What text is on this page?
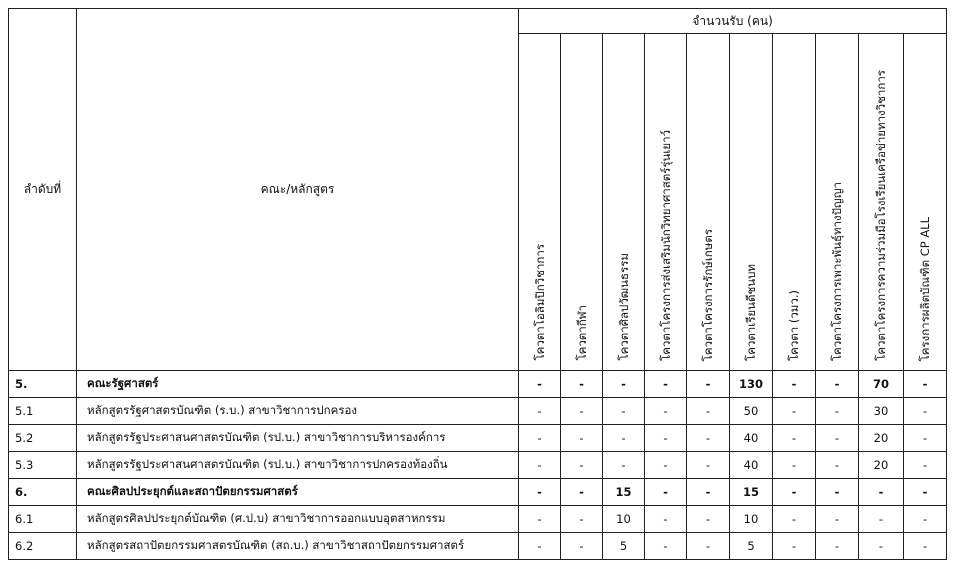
ลำดับที่	คณะ/หลักสูตร	จำนวนรับ (คน)									
		โควตาโอลิมปิกวิชาการ	โควตากีฬา	โควตาศิลปวัฒนธรรม	โควตาโครงการส่งเสริมนักวิทยาศาสตร์รุ่นเยาว์	โควตาโครงการรักษ์เกษตร	โควตาเรียนดีชนบท	โควตา (วมว.)	โควตาโครงการเพาะพันธุ์ทางปัญญา	โควตาโครงการความร่วมมือโรงเรียนเครือข่ายทางวิชาการ	โครงการผลิตบัณฑิต CP ALL
5.	คณะรัฐศาสตร์	-	-	-	-	-	130	-	-	70	-
5.1	หลักสูตรรัฐศาสตรบัณฑิต (ร.บ.) สาขาวิชาการปกครอง	-	-	-	-	-	50	-	-	30	-
5.2	หลักสูตรรัฐประศาสนศาสตรบัณฑิต (รป.บ.) สาขาวิชาการบริหารองค์การ	-	-	-	-	-	40	-	-	20	-
5.3	หลักสูตรรัฐประศาสนศาสตรบัณฑิต (รป.บ.) สาขาวิชาการปกครองท้องถิ่น	-	-	-	-	-	40	-	-	20	-
6.	คณะศิลปประยุกต์และสถาปัตยกรรมศาสตร์	-	-	15	-	-	15	-	-	-	-
6.1	หลักสูตรศิลปประยุกต์บัณฑิต (ศ.ป.บ) สาขาวิชาการออกแบบอุตสาหกรรม	-	-	10	-	-	10	-	-	-	-
6.2	หลักสูตรสถาปัตยกรรมศาสตรบัณฑิต (สถ.บ.) สาขาวิชาสถาปัตยกรรมศาสตร์	-	-	5	-	-	5	-	-	-	-
